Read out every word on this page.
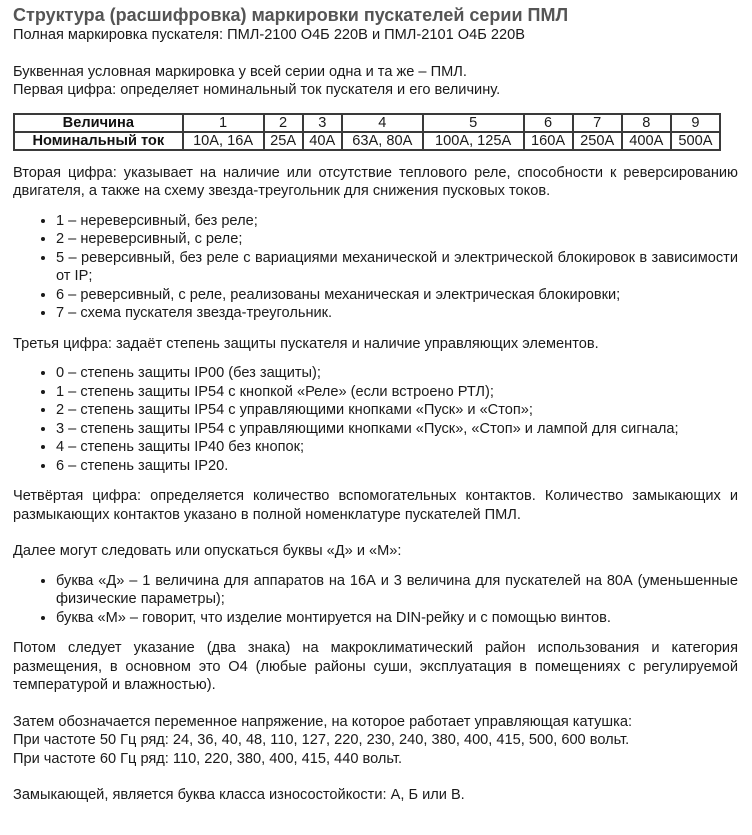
Структура (расшифровка) маркировки пускателей серии ПМЛ

Полная маркировка пускателя: ПМЛ-2100 О4Б 220В и ПМЛ-2101 О4Б 220В

Буквенная условная маркировка у всей серии одна и та же – ПМЛ.

Первая цифра: определяет номинальный ток пускателя и его величину.

Величина	1	2	3	4	5	6	7	8	9
Номинальный ток	10А, 16А	25А	40А	63А, 80А	100А, 125А	160А	250А	400А	500А

Вторая цифра: указывает на наличие или отсутствие теплового реле, способности к реверсированию двигателя, а также на схему звезда-треугольник для снижения пусковых токов.

• 1 – нереверсивный, без реле;
• 2 – нереверсивный, с реле;
• 5 – реверсивный, без реле с вариациями механической и электрической блокировок в зависимости от IP;
• 6 – реверсивный, с реле, реализованы механическая и электрическая блокировки;
• 7 – схема пускателя звезда-треугольник.

Третья цифра: задаёт степень защиты пускателя и наличие управляющих элементов.

• 0 – степень защиты IP00 (без защиты);
• 1 – степень защиты IP54 с кнопкой «Реле» (если встроено РТЛ);
• 2 – степень защиты IP54 с управляющими кнопками «Пуск» и «Стоп»;
• 3 – степень защиты IP54 с управляющими кнопками «Пуск», «Стоп» и лампой для сигнала;
• 4 – степень защиты IP40 без кнопок;
• 6 – степень защиты IP20.

Четвёртая цифра: определяется количество вспомогательных контактов. Количество замыкающих и размыкающих контактов указано в полной номенклатуре пускателей ПМЛ.

Далее могут следовать или опускаться буквы «Д» и «М»:

• буква «Д» – 1 величина для аппаратов на 16А и 3 величина для пускателей на 80А (уменьшенные физические параметры);
• буква «М» – говорит, что изделие монтируется на DIN-рейку и с помощью винтов.

Потом следует указание (два знака) на макроклиматический район использования и категория размещения, в основном это О4 (любые районы суши, эксплуатация в помещениях с регулируемой температурой и влажностью).

Затем обозначается переменное напряжение, на которое работает управляющая катушка:

При частоте 50 Гц ряд: 24, 36, 40, 48, 110, 127, 220, 230, 240, 380, 400, 415, 500, 600 вольт.

При частоте 60 Гц ряд: 110, 220, 380, 400, 415, 440 вольт.

Замыкающей, является буква класса износостойкости: А, Б или В.
